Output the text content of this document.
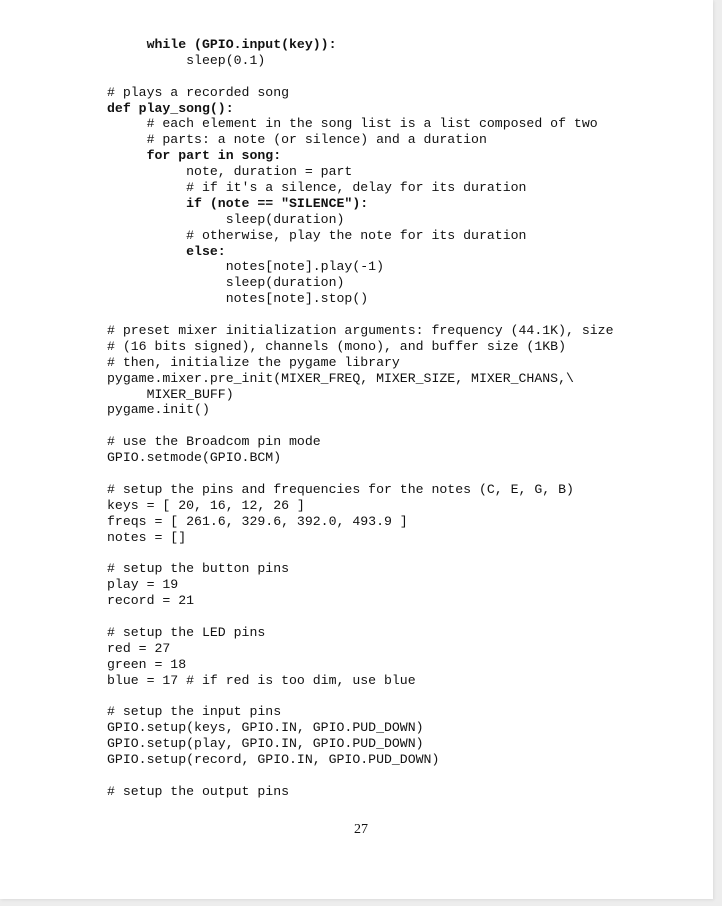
while (GPIO.input(key)):
sleep(0.1)
# plays a recorded song
def play_song():
# each element in the song list is a list composed of two
# parts: a note (or silence) and a duration
for part in song:
note, duration = part
# if it's a silence, delay for its duration
if (note == "SILENCE"):
sleep(duration)
# otherwise, play the note for its duration
else:
notes[note].play(-1)
sleep(duration)
notes[note].stop()
# preset mixer initialization arguments: frequency (44.1K), size
# (16 bits signed), channels (mono), and buffer size (1KB)
# then, initialize the pygame library
pygame.mixer.pre_init(MIXER_FREQ, MIXER_SIZE, MIXER_CHANS,\
MIXER_BUFF)
pygame.init()
# use the Broadcom pin mode
GPIO.setmode(GPIO.BCM)
# setup the pins and frequencies for the notes (C, E, G, B)
keys = [ 20, 16, 12, 26 ]
freqs = [ 261.6, 329.6, 392.0, 493.9 ]
notes = []
# setup the button pins
play = 19
record = 21
# setup the LED pins
red = 27
green = 18
blue = 17 # if red is too dim, use blue
# setup the input pins
GPIO.setup(keys, GPIO.IN, GPIO.PUD_DOWN)
GPIO.setup(play, GPIO.IN, GPIO.PUD_DOWN)
GPIO.setup(record, GPIO.IN, GPIO.PUD_DOWN)
# setup the output pins
27
